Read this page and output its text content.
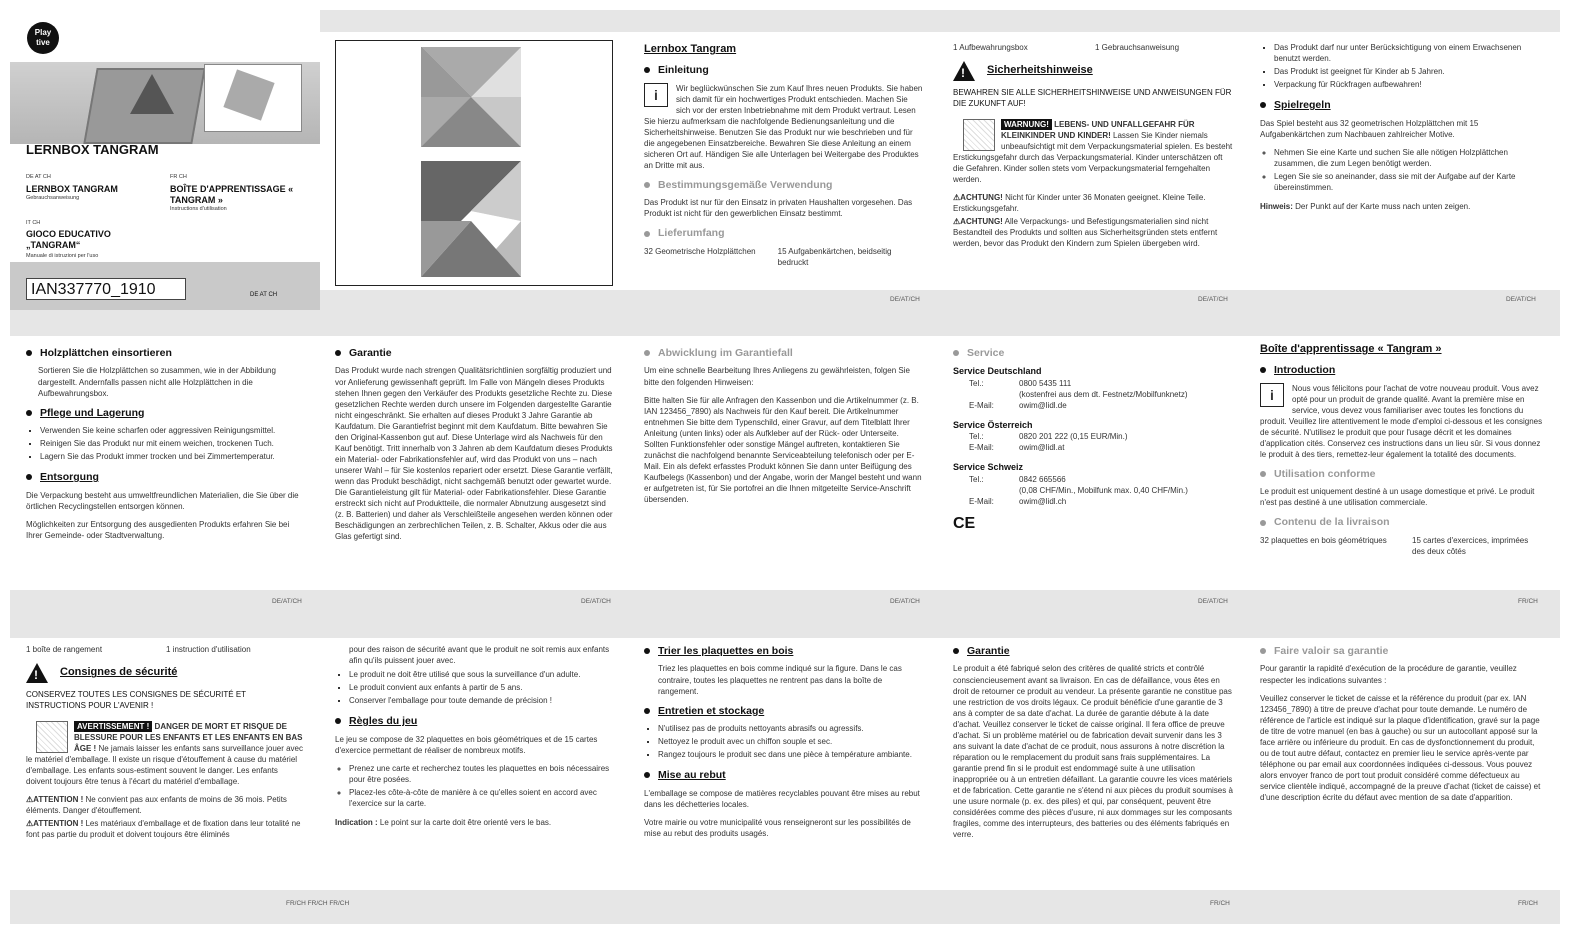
Play
tive
LERNBOX TANGRAM
DE AT CH
LERNBOX TANGRAM
Gebrauchsanweisung
FR CH
BOÎTE D'APPRENTISSAGE « TANGRAM »
Instructions d'utilisation
IT CH
GIOCO EDUCATIVO „TANGRAM“
Manuale di istruzioni per l'uso
IAN337770_1910	DE AT CH
Lernbox Tangram
Einleitung

i	Wir beglückwünschen Sie zum Kauf Ihres neuen Produkts. Sie haben sich damit für ein hochwertiges Produkt entschieden. Machen Sie sich vor der ersten Inbetriebnahme mit dem Produkt vertraut. Lesen Sie hierzu aufmerksam die nachfolgende Bedienungsanleitung und die Sicherheitshinweise. Benutzen Sie das Produkt nur wie beschrieben und für die angegebenen Einsatzbereiche. Bewahren Sie diese Anleitung an einem sicheren Ort auf. Händigen Sie alle Unterlagen bei Weitergabe des Produktes an Dritte mit aus.

Bestimmungsgemäße Verwendung

Das Produkt ist nur für den Einsatz in privaten Haushalten vorgesehen. Das Produkt ist nicht für den gewerblichen Einsatz bestimmt.

Lieferumfang
32 Geometrische Holzplättchen	15 Aufgabenkärtchen, beidseitig bedruckt
1 Aufbewahrungsbox	1 Gebrauchsanweisung
!
Sicherheitshinweise
BEWAHREN SIE ALLE SICHERHEITSHINWEISE UND ANWEISUNGEN FÜR DIE ZUKUNFT AUF!

WARNUNG! LEBENS- UND UNFALLGEFAHR FÜR KLEINKINDER UND KINDER! Lassen Sie Kinder niemals unbeaufsichtigt mit dem Verpackungsmaterial spielen. Es besteht Erstickungsgefahr durch das Verpackungsmaterial. Kinder unterschätzen oft die Gefahren. Kinder sollen stets vom Verpackungsmaterial ferngehalten werden.

⚠ACHTUNG! Nicht für Kinder unter 36 Monaten geeignet. Kleine Teile. Erstickungsgefahr.

⚠ACHTUNG! Alle Verpackungs- und Befestigungsmaterialien sind nicht Bestandteil des Produkts und sollten aus Sicherheitsgründen stets entfernt werden, bevor das Produkt den Kindern zum Spielen übergeben wird.

▪ Das Produkt darf nur unter Berücksichtigung von einem Erwachsenen benutzt werden.
▪ Das Produkt ist geeignet für Kinder ab 5 Jahren.
▪ Verpackung für Rückfragen aufbewahren!
Spielregeln

Das Spiel besteht aus 32 geometrischen Holzplättchen mit 15 Aufgabenkärtchen zum Nachbauen zahlreicher Motive.

◦ Nehmen Sie eine Karte und suchen Sie alle nötigen Holzplättchen zusammen, die zum Legen benötigt werden.
◦ Legen Sie sie so aneinander, dass sie mit der Aufgabe auf der Karte übereinstimmen.

Hinweis: Der Punkt auf der Karte muss nach unten zeigen.

DE/AT/CH	DE/AT/CH	DE/AT/CH
Holzplättchen einsortieren

Sortieren Sie die Holzplättchen so zusammen, wie in der Abbildung dargestellt. Andernfalls passen nicht alle Holzplättchen in die Aufbewahrungsbox.

Pflege und Lagerung
▪ Verwenden Sie keine scharfen oder aggressiven Reinigungsmittel.
▪ Reinigen Sie das Produkt nur mit einem weichen, trockenen Tuch.
▪ Lagern Sie das Produkt immer trocken und bei Zimmertemperatur.
Entsorgung

Die Verpackung besteht aus umweltfreundlichen Materialien, die Sie über die örtlichen Recyclingstellen entsorgen können.

Möglichkeiten zur Entsorgung des ausgedienten Produkts erfahren Sie bei Ihrer Gemeinde- oder Stadtverwaltung.

Garantie

Das Produkt wurde nach strengen Qualitätsrichtlinien sorgfältig produziert und vor Anlieferung gewissenhaft geprüft. Im Falle von Mängeln dieses Produkts stehen Ihnen gegen den Verkäufer des Produkts gesetzliche Rechte zu. Diese gesetzlichen Rechte werden durch unsere im Folgenden dargestellte Garantie nicht eingeschränkt. Sie erhalten auf dieses Produkt 3 Jahre Garantie ab Kaufdatum. Die Garantiefrist beginnt mit dem Kaufdatum. Bitte bewahren Sie den Original-Kassenbon gut auf. Diese Unterlage wird als Nachweis für den Kauf benötigt. Tritt innerhalb von 3 Jahren ab dem Kaufdatum dieses Produkts ein Material- oder Fabrikationsfehler auf, wird das Produkt von uns – nach unserer Wahl – für Sie kostenlos repariert oder ersetzt. Diese Garantie verfällt, wenn das Produkt beschädigt, nicht sachgemäß benutzt oder gewartet wurde. Die Garantieleistung gilt für Material- oder Fabrikationsfehler. Diese Garantie erstreckt sich nicht auf Produktteile, die normaler Abnutzung ausgesetzt sind (z. B. Batterien) und daher als Verschleißteile angesehen werden können oder Beschädigungen an zerbrechlichen Teilen, z. B. Schalter, Akkus oder die aus Glas gefertigt sind.

Abwicklung im Garantiefall

Um eine schnelle Bearbeitung Ihres Anliegens zu gewährleisten, folgen Sie bitte den folgenden Hinweisen:

Bitte halten Sie für alle Anfragen den Kassenbon und die Artikelnummer (z. B. IAN 123456_7890) als Nachweis für den Kauf bereit. Die Artikelnummer entnehmen Sie bitte dem Typenschild, einer Gravur, auf dem Titelblatt Ihrer Anleitung (unten links) oder als Aufkleber auf der Rück- oder Unterseite. Sollten Funktionsfehler oder sonstige Mängel auftreten, kontaktieren Sie zunächst die nachfolgend benannte Serviceabteilung telefonisch oder per E-Mail. Ein als defekt erfasstes Produkt können Sie dann unter Beifügung des Kaufbelegs (Kassenbon) und der Angabe, worin der Mangel besteht und wann er aufgetreten ist, für Sie portofrei an die Ihnen mitgeteilte Service-Anschrift übersenden.

Service
Service Deutschland
Tel.:	0800 5435 111
(kostenfrei aus dem dt. Festnetz/Mobilfunknetz)
E-Mail:	owim@lidl.de
Service Österreich
Tel.:	0820 201 222 (0,15 EUR/Min.)
E-Mail:	owim@lidl.at
Service Schweiz
Tel.:	0842 665566
(0,08 CHF/Min., Mobilfunk max. 0,40 CHF/Min.)
E-Mail:	owim@lidl.ch
CE
Boîte d'apprentissage « Tangram »
Introduction

i	Nous vous félicitons pour l'achat de votre nouveau produit. Vous avez opté pour un produit de grande qualité. Avant la première mise en service, vous devez vous familiariser avec toutes les fonctions du produit. Veuillez lire attentivement le mode d'emploi ci-dessous et les consignes de sécurité. N'utilisez le produit que pour l'usage décrit et les domaines d'application cités. Conservez ces instructions dans un lieu sûr. Si vous donnez le produit à des tiers, remettez-leur également la totalité des documents.

Utilisation conforme

Le produit est uniquement destiné à un usage domestique et privé. Le produit n'est pas destiné à une utilisation commerciale.

Contenu de la livraison
32 plaquettes en bois géométriques	15 cartes d'exercices, imprimées des deux côtés
DE/AT/CH	DE/AT/CH	DE/AT/CH	DE/AT/CH	FR/CH
1 boîte de rangement	1 instruction d'utilisation
!
Consignes de sécurité
CONSERVEZ TOUTES LES CONSIGNES DE SÉCURITÉ ET INSTRUCTIONS POUR L'AVENIR !

AVERTISSEMENT ! DANGER DE MORT ET RISQUE DE BLESSURE POUR LES ENFANTS ET LES ENFANTS EN BAS ÂGE ! Ne jamais laisser les enfants sans surveillance jouer avec le matériel d'emballage. Il existe un risque d'étouffement à cause du matériel d'emballage. Les enfants sous-estiment souvent le danger. Les enfants doivent toujours être tenus à l'écart du matériel d'emballage.

⚠ATTENTION ! Ne convient pas aux enfants de moins de 36 mois. Petits éléments. Danger d'étouffement.

⚠ATTENTION ! Les matériaux d'emballage et de fixation dans leur totalité ne font pas partie du produit et doivent toujours être éliminés

pour des raison de sécurité avant que le produit ne soit remis aux enfants afin qu'ils puissent jouer avec.

▪ Le produit ne doit être utilisé que sous la surveillance d'un adulte.
▪ Le produit convient aux enfants à partir de 5 ans.
▪ Conserver l'emballage pour toute demande de précision !
Règles du jeu

Le jeu se compose de 32 plaquettes en bois géométriques et de 15 cartes d'exercice permettant de réaliser de nombreux motifs.

◦ Prenez une carte et recherchez toutes les plaquettes en bois nécessaires pour être posées.
◦ Placez-les côte-à-côte de manière à ce qu'elles soient en accord avec l'exercice sur la carte.

Indication : Le point sur la carte doit être orienté vers le bas.

Trier les plaquettes en bois

Triez les plaquettes en bois comme indiqué sur la figure. Dans le cas contraire, toutes les plaquettes ne rentrent pas dans la boîte de rangement.

Entretien et stockage
▪ N'utilisez pas de produits nettoyants abrasifs ou agressifs.
▪ Nettoyez le produit avec un chiffon souple et sec.
▪ Rangez toujours le produit sec dans une pièce à température ambiante.
Mise au rebut

L'emballage se compose de matières recyclables pouvant être mises au rebut dans les déchetteries locales.

Votre mairie ou votre municipalité vous renseigneront sur les possibilités de mise au rebut des produits usagés.

Garantie

Le produit a été fabriqué selon des critères de qualité stricts et contrôlé consciencieusement avant sa livraison. En cas de défaillance, vous êtes en droit de retourner ce produit au vendeur. La présente garantie ne constitue pas une restriction de vos droits légaux. Ce produit bénéficie d'une garantie de 3 ans à compter de sa date d'achat. La durée de garantie débute à la date d'achat. Veuillez conserver le ticket de caisse original. Il fera office de preuve d'achat. Si un problème matériel ou de fabrication devait survenir dans les 3 ans suivant la date d'achat de ce produit, nous assurons à notre discrétion la réparation ou le remplacement du produit sans frais supplémentaires. La garantie prend fin si le produit est endommagé suite à une utilisation inappropriée ou à un entretien défaillant. La garantie couvre les vices matériels et de fabrication. Cette garantie ne s'étend ni aux pièces du produit soumises à une usure normale (p. ex. des piles) et qui, par conséquent, peuvent être considérées comme des pièces d'usure, ni aux dommages sur les composants fragiles, comme des interrupteurs, des batteries ou des éléments fabriqués en verre.

Faire valoir sa garantie

Pour garantir la rapidité d'exécution de la procédure de garantie, veuillez respecter les indications suivantes :

Veuillez conserver le ticket de caisse et la référence du produit (par ex. IAN 123456_7890) à titre de preuve d'achat pour toute demande. Le numéro de référence de l'article est indiqué sur la plaque d'identification, gravé sur la page de titre de votre manuel (en bas à gauche) ou sur un autocollant apposé sur la face arrière ou inférieure du produit. En cas de dysfonctionnement du produit, ou de tout autre défaut, contactez en premier lieu le service après-vente par téléphone ou par email aux coordonnées indiquées ci-dessous. Vous pouvez alors envoyer franco de port tout produit considéré comme défectueux au service clientèle indiqué, accompagné de la preuve d'achat (ticket de caisse) et d'une description écrite du défaut avec mention de sa date d'apparition.

FR/CH FR/CH FR/CH	FR/CH	FR/CH
